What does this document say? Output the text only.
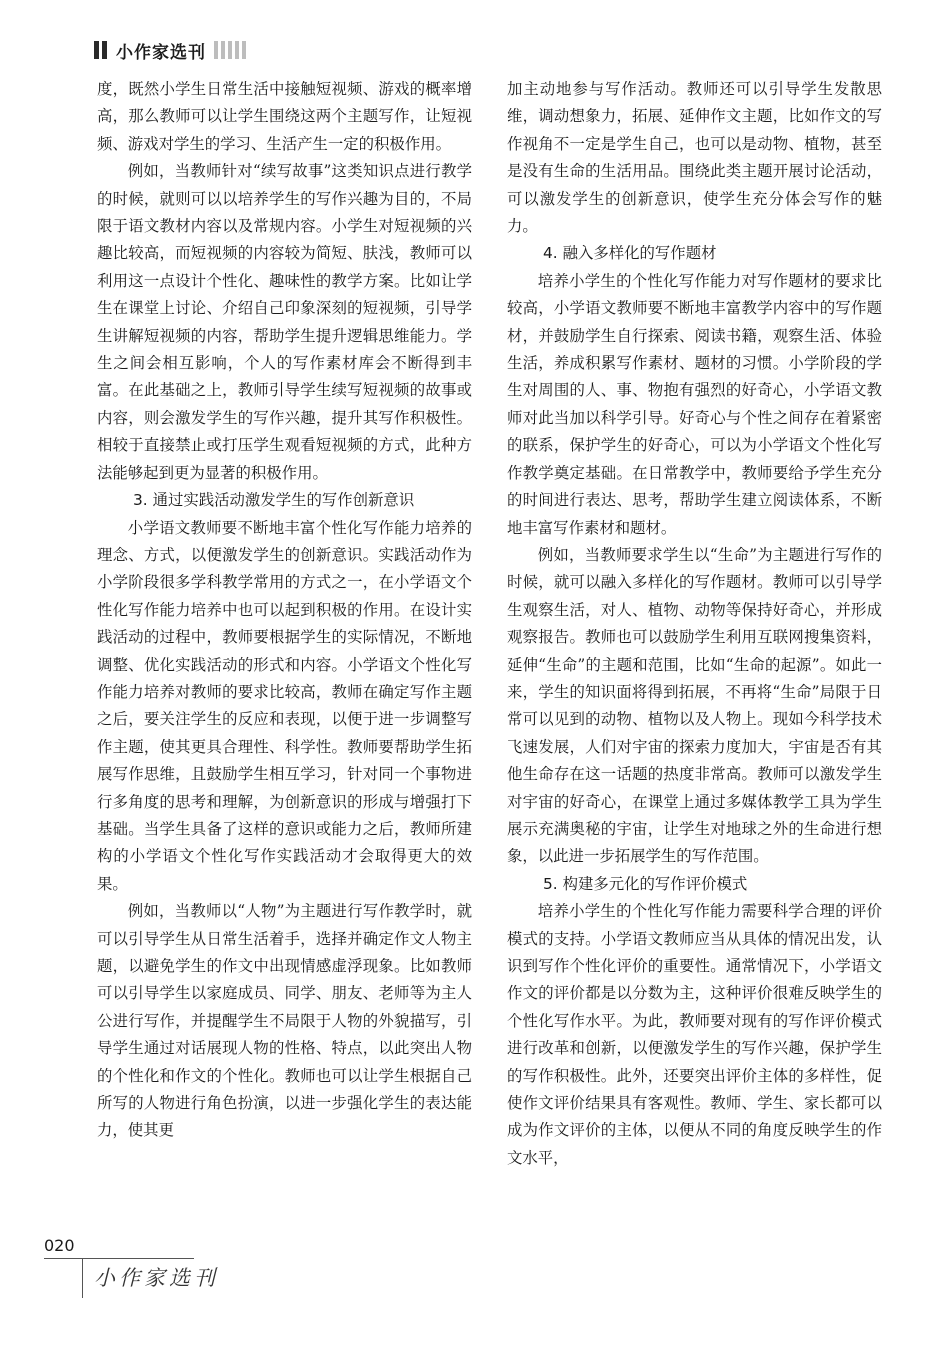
小作家选刊

度，既然小学生日常生活中接触短视频、游戏的概率增高，那么教师可以让学生围绕这两个主题写作，让短视频、游戏对学生的学习、生活产生一定的积极作用。

例如，当教师针对“续写故事”这类知识点进行教学的时候，就则可以以培养学生的写作兴趣为目的，不局限于语文教材内容以及常规内容。小学生对短视频的兴趣比较高，而短视频的内容较为简短、肤浅，教师可以利用这一点设计个性化、趣味性的教学方案。比如让学生在课堂上讨论、介绍自己印象深刻的短视频，引导学生讲解短视频的内容，帮助学生提升逻辑思维能力。学生之间会相互影响，个人的写作素材库会不断得到丰富。在此基础之上，教师引导学生续写短视频的故事或内容，则会激发学生的写作兴趣，提升其写作积极性。相较于直接禁止或打压学生观看短视频的方式，此种方法能够起到更为显著的积极作用。

3. 通过实践活动激发学生的写作创新意识

小学语文教师要不断地丰富个性化写作能力培养的理念、方式，以便激发学生的创新意识。实践活动作为小学阶段很多学科教学常用的方式之一，在小学语文个性化写作能力培养中也可以起到积极的作用。在设计实践活动的过程中，教师要根据学生的实际情况，不断地调整、优化实践活动的形式和内容。小学语文个性化写作能力培养对教师的要求比较高，教师在确定写作主题之后，要关注学生的反应和表现，以便于进一步调整写作主题，使其更具合理性、科学性。教师要帮助学生拓展写作思维，且鼓励学生相互学习，针对同一个事物进行多角度的思考和理解，为创新意识的形成与增强打下基础。当学生具备了这样的意识或能力之后，教师所建构的小学语文个性化写作实践活动才会取得更大的效果。

例如，当教师以“人物”为主题进行写作教学时，就可以引导学生从日常生活着手，选择并确定作文人物主题，以避免学生的作文中出现情感虚浮现象。比如教师可以引导学生以家庭成员、同学、朋友、老师等为主人公进行写作，并提醒学生不局限于人物的外貌描写，引导学生通过对话展现人物的性格、特点，以此突出人物的个性化和作文的个性化。教师也可以让学生根据自己所写的人物进行角色扮演，以进一步强化学生的表达能力，使其更

加主动地参与写作活动。教师还可以引导学生发散思维，调动想象力，拓展、延伸作文主题，比如作文的写作视角不一定是学生自己，也可以是动物、植物，甚至是没有生命的生活用品。围绕此类主题开展讨论活动，可以激发学生的创新意识，使学生充分体会写作的魅力。

4. 融入多样化的写作题材

培养小学生的个性化写作能力对写作题材的要求比较高，小学语文教师要不断地丰富教学内容中的写作题材，并鼓励学生自行探索、阅读书籍，观察生活、体验生活，养成积累写作素材、题材的习惯。小学阶段的学生对周围的人、事、物抱有强烈的好奇心，小学语文教师对此当加以科学引导。好奇心与个性之间存在着紧密的联系，保护学生的好奇心，可以为小学语文个性化写作教学奠定基础。在日常教学中，教师要给予学生充分的时间进行表达、思考，帮助学生建立阅读体系，不断地丰富写作素材和题材。

例如，当教师要求学生以“生命”为主题进行写作的时候，就可以融入多样化的写作题材。教师可以引导学生观察生活，对人、植物、动物等保持好奇心，并形成观察报告。教师也可以鼓励学生利用互联网搜集资料，延伸“生命”的主题和范围，比如“生命的起源”。如此一来，学生的知识面将得到拓展，不再将“生命”局限于日常可以见到的动物、植物以及人物上。现如今科学技术飞速发展，人们对宇宙的探索力度加大，宇宙是否有其他生命存在这一话题的热度非常高。教师可以激发学生对宇宙的好奇心，在课堂上通过多媒体教学工具为学生展示充满奥秘的宇宙，让学生对地球之外的生命进行想象，以此进一步拓展学生的写作范围。

5. 构建多元化的写作评价模式

培养小学生的个性化写作能力需要科学合理的评价模式的支持。小学语文教师应当从具体的情况出发，认识到写作个性化评价的重要性。通常情况下，小学语文作文的评价都是以分数为主，这种评价很难反映学生的个性化写作水平。为此，教师要对现有的写作评价模式进行改革和创新，以便激发学生的写作兴趣，保护学生的写作积极性。此外，还要突出评价主体的多样性，促使作文评价结果具有客观性。教师、学生、家长都可以成为作文评价的主体，以便从不同的角度反映学生的作文水平，

020
小作家选刊
